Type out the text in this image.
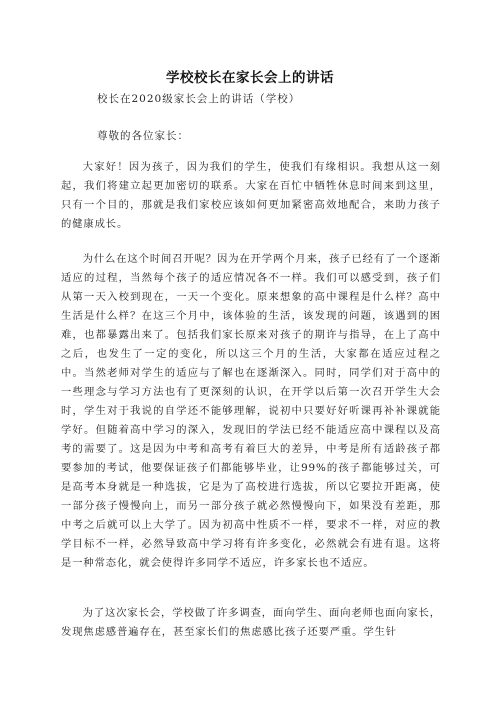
学校校长在家长会上的讲话
校长在2020级家长会上的讲话（学校）
尊敬的各位家长：

大家好！因为孩子，因为我们的学生，使我们有缘相识。我想从这一刻起，我们将建立起更加密切的联系。大家在百忙中牺牲休息时间来到这里，只有一个目的，那就是我们家校应该如何更加紧密高效地配合，来助力孩子的健康成长。

为什么在这个时间召开呢？因为在开学两个月来，孩子已经有了一个逐渐适应的过程，当然每个孩子的适应情况各不一样。我们可以感受到，孩子们从第一天入校到现在，一天一个变化。原来想象的高中课程是什么样？高中生活是什么样？在这三个月中，该体验的生活，该发现的问题，该遇到的困难，也都暴露出来了。包括我们家长原来对孩子的期许与指导，在上了高中之后，也发生了一定的变化，所以这三个月的生活，大家都在适应过程之中。当然老师对学生的适应与了解也在逐渐深入。同时，同学们对于高中的一些理念与学习方法也有了更深刻的认识，在开学以后第一次召开学生大会时，学生对于我说的自学还不能够理解，说初中只要好好听课再补补课就能学好。但随着高中学习的深入，发现旧的学法已经不能适应高中课程以及高考的需要了。这是因为中考和高考有着巨大的差异，中考是所有适龄孩子都要参加的考试，他要保证孩子们都能够毕业，让99%的孩子都能够过关，可是高考本身就是一种选拔，它是为了高校进行选拔，所以它要拉开距离，使一部分孩子慢慢向上，而另一部分孩子就必然慢慢向下，如果没有差距，那中考之后就可以上大学了。因为初高中性质不一样，要求不一样，对应的教学目标不一样，必然导致高中学习将有许多变化，必然就会有进有退。这将是一种常态化，就会使得许多同学不适应，许多家长也不适应。

为了这次家长会，学校做了许多调查，面向学生、面向老师也面向家长，发现焦虑感普遍存在，甚至家长们的焦虑感比孩子还要严重。学生针
